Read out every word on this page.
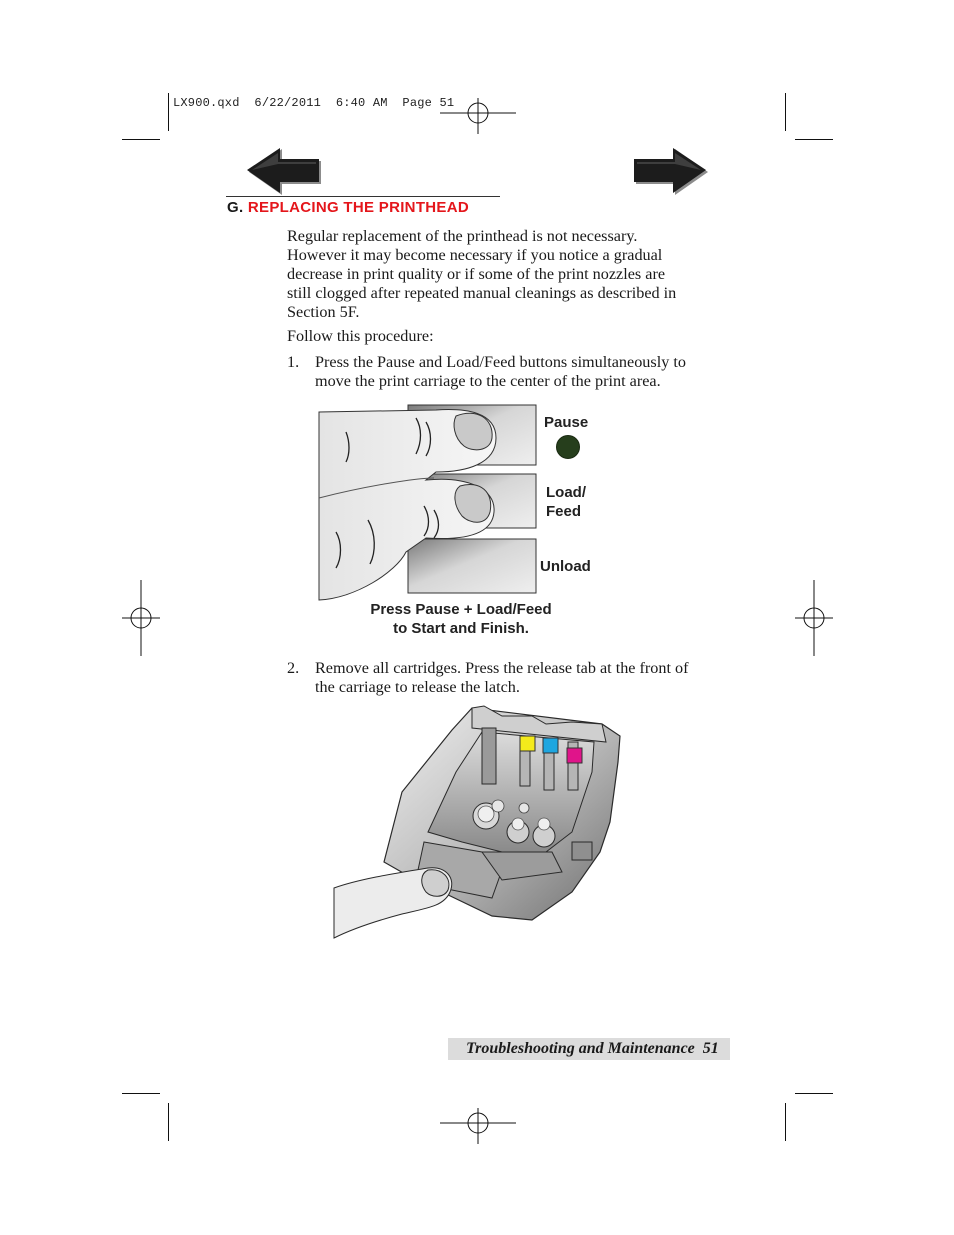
LX900.qxd  6/22/2011  6:40 AM  Page 51
G. REPLACING THE PRINTHEAD
Regular replacement of the printhead is not necessary.
However it may become necessary if you notice a gradual
decrease in print quality or if some of the print nozzles are
still clogged after repeated manual cleanings as described in
Section 5F.
Follow this procedure:
1. Press the Pause and Load/Feed buttons simultaneously to
move the print carriage to the center of the print area.
Pause
Load/
Feed
Unload
Press Pause + Load/Feed
to Start and Finish.
2. Remove all cartridges. Press the release tab at the front of
the carriage to release the latch.
Troubleshooting and Maintenance 51
